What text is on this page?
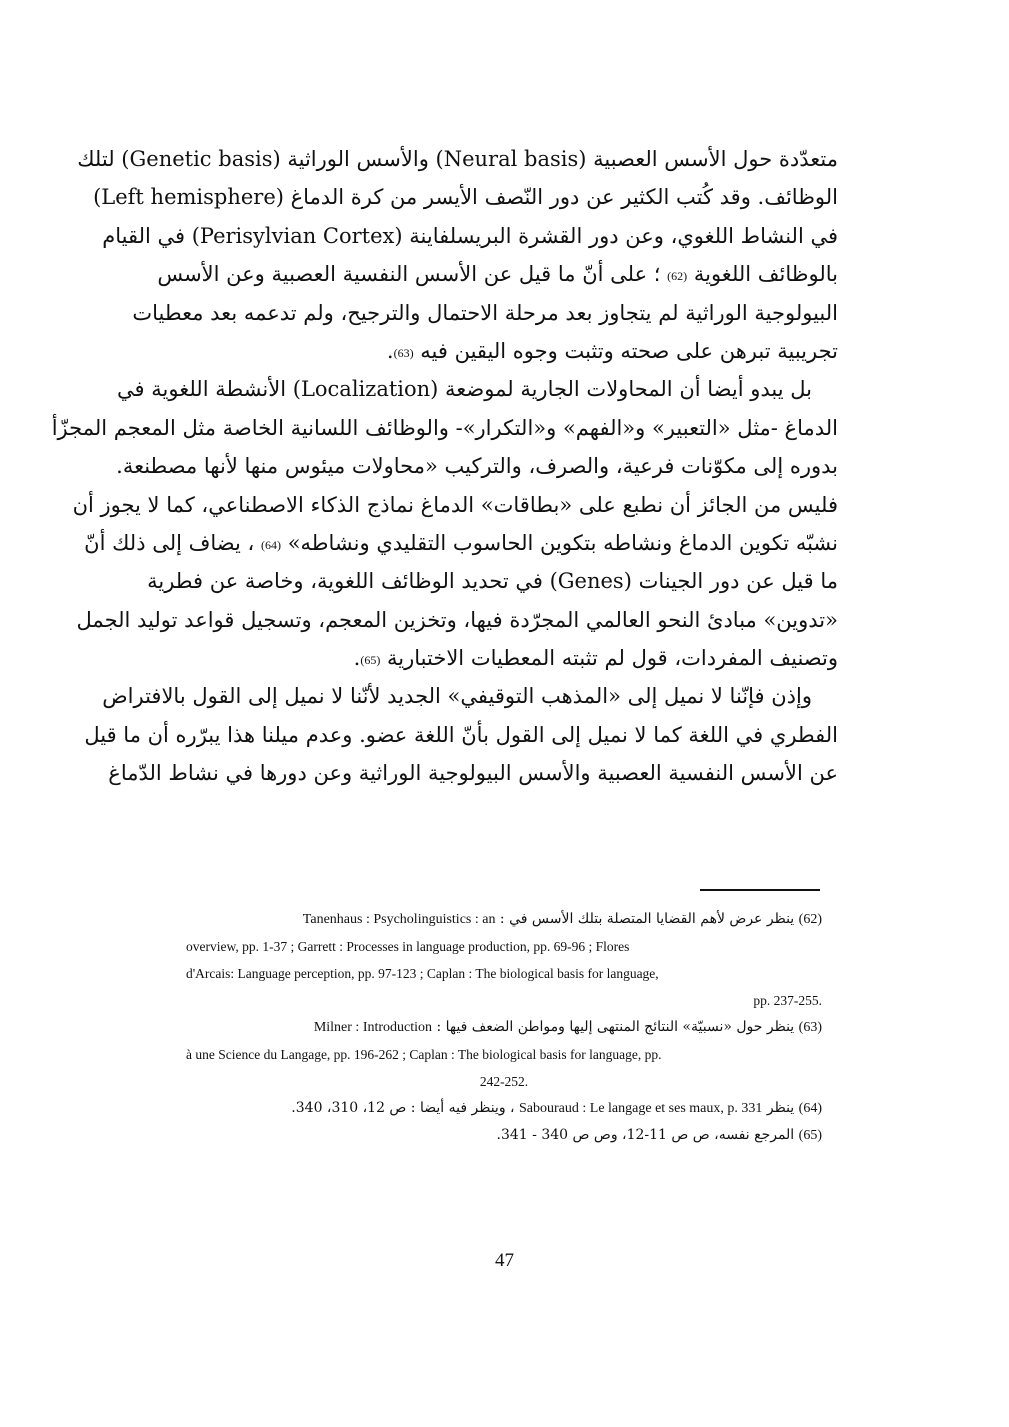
متعدّدة حول الأسس العصبية (Neural basis) والأسس الوراثية (Genetic basis) لتلك
الوظائف. وقد كُتب الكثير عن دور النّصف الأيسر من كرة الدماغ (Left hemisphere)
في النشاط اللغوي، وعن دور القشرة البريسلفاينة (Perisylvian Cortex) في القيام
بالوظائف اللغوية (62) ؛ على أنّ ما قيل عن الأسس النفسية العصبية وعن الأسس
البيولوجية الوراثية لم يتجاوز بعد مرحلة الاحتمال والترجيح، ولم تدعمه بعد معطيات
تجريبية تبرهن على صحته وتثبت وجوه اليقين فيه (63).
بل يبدو أيضا أن المحاولات الجارية لموضعة (Localization) الأنشطة اللغوية في
الدماغ -مثل «التعبير» و«الفهم» و«التكرار»- والوظائف اللسانية الخاصة مثل المعجم المجزّأ
بدوره إلى مكوّنات فرعية، والصرف، والتركيب «محاولات ميئوس منها لأنها مصطنعة.
فليس من الجائز أن نطبع على «بطاقات» الدماغ نماذج الذكاء الاصطناعي، كما لا يجوز أن
نشبّه تكوين الدماغ ونشاطه بتكوين الحاسوب التقليدي ونشاطه» (64) ، يضاف إلى ذلك أنّ
ما قيل عن دور الجينات (Genes) في تحديد الوظائف اللغوية، وخاصة عن فطرية
«تدوين» مبادئ النحو العالمي المجرّدة فيها، وتخزين المعجم، وتسجيل قواعد توليد الجمل
وتصنيف المفردات، قول لم تثبته المعطيات الاختبارية (65).
وإذن فإنّنا لا نميل إلى «المذهب التوقيفي» الجديد لأنّنا لا نميل إلى القول بالافتراض
الفطري في اللغة كما لا نميل إلى القول بأنّ اللغة عضو. وعدم ميلنا هذا يبرّره أن ما قيل
عن الأسس النفسية العصبية والأسس البيولوجية الوراثية وعن دورها في نشاط الدّماغ
(62) ينظر عرض لأهم القضايا المتصلة بتلك الأسس في : Tanenhaus : Psycholinguistics : an
overview, pp. 1-37 ; Garrett : Processes in language production, pp. 69-96 ; Flores
d'Arcais: Language perception, pp. 97-123 ; Caplan : The biological basis for language,
pp. 237-255.
(63) ينظر حول «نسبيّة» النتائج المنتهى إليها ومواطن الضعف فيها : Milner : Introduction
à une Science du Langage, pp. 196-262 ; Caplan : The biological basis for language, pp.
242-252.
(64) ينظر Sabouraud : Le langage et ses maux, p. 331 ، وينظر فيه أيضا : ص 12، 310، 340.
(65) المرجع نفسه، ص ص 11-12، وص ص 340 - 341.
47
